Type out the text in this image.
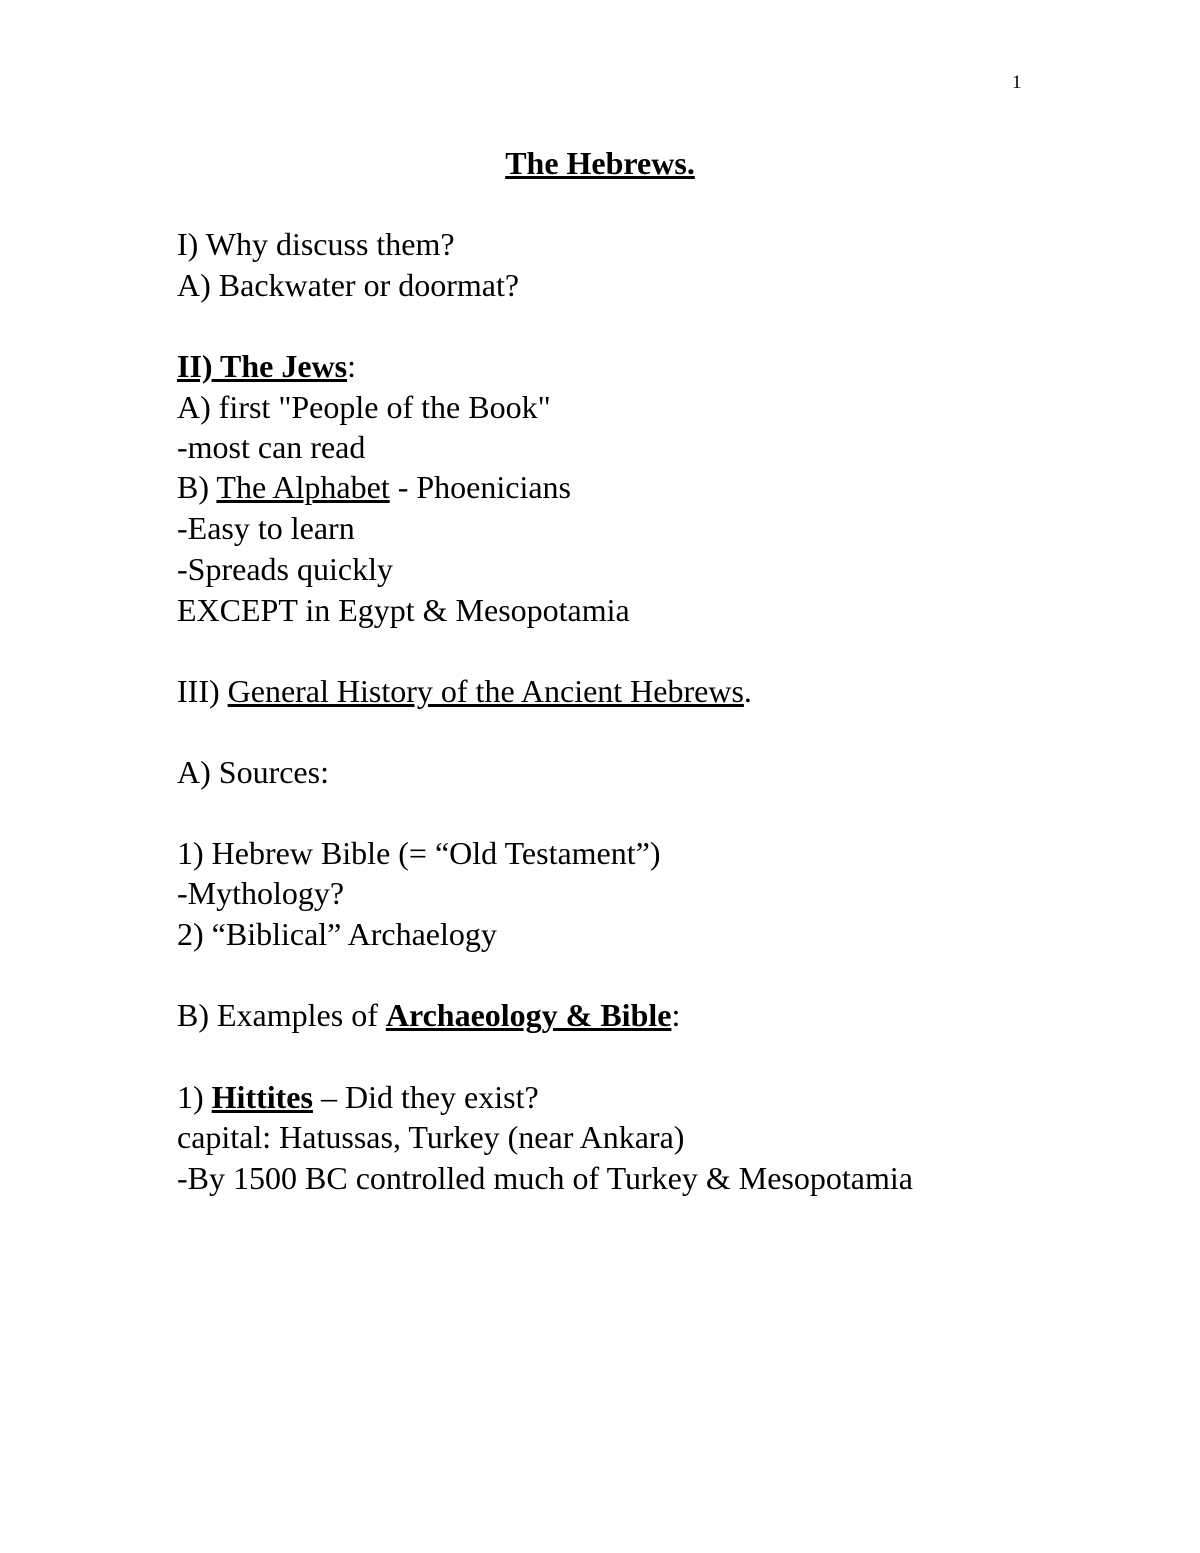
1
The Hebrews.
I) Why discuss them?
A) Backwater or doormat?
II) The Jews:
A) first "People of the Book"
-most can read
B) The Alphabet - Phoenicians
-Easy to learn
-Spreads quickly
EXCEPT in Egypt & Mesopotamia
III) General History of the Ancient Hebrews.
A) Sources:
1) Hebrew Bible (= “Old Testament”)
-Mythology?
2) “Biblical” Archaelogy
B) Examples of Archaeology & Bible:
1) Hittites – Did they exist?
capital: Hatussas, Turkey (near Ankara)
-By 1500 BC controlled much of Turkey & Mesopotamia
